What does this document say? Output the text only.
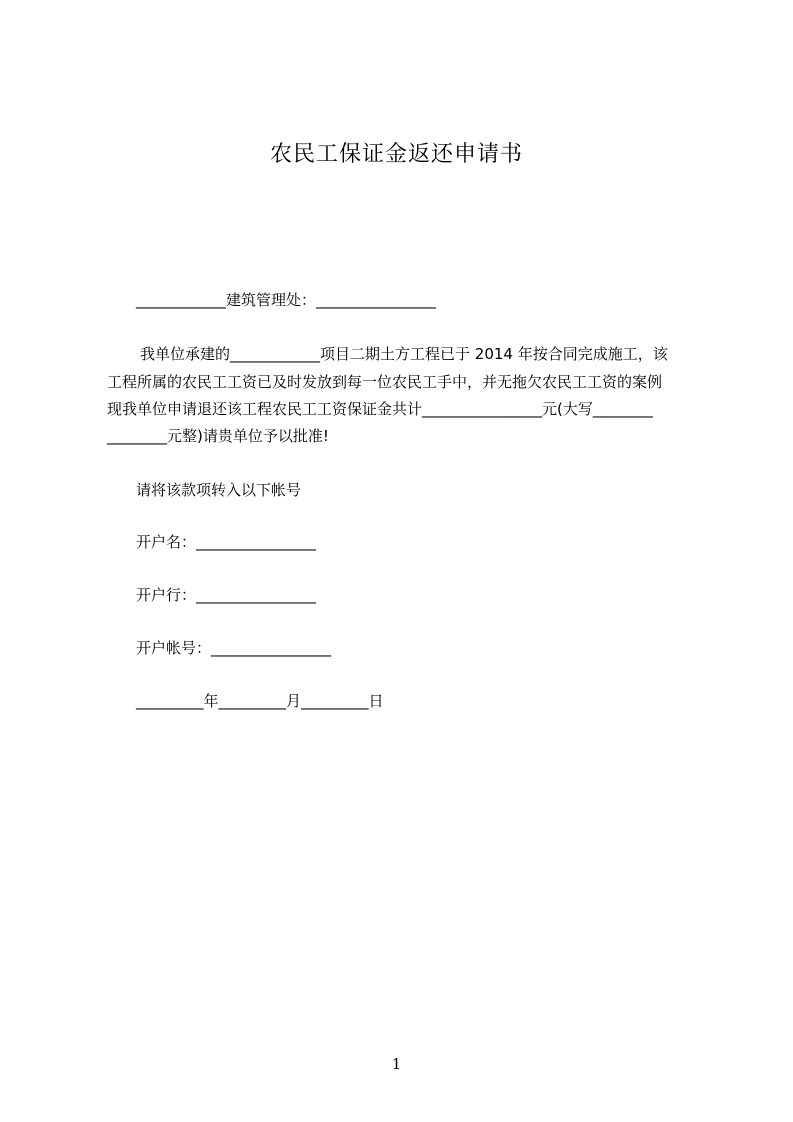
农民工保证金返还申请书
____________建筑管理处：________________
我单位承建的____________项目二期土方工程已于 2014 年按合同完成施工，该
工程所属的农民工工资已及时发放到每一位农民工手中，并无拖欠农民工工资的案例
现我单位申请退还该工程农民工工资保证金共计________________元(大写________
________元整)请贵单位予以批准!
请将该款项转入以下帐号
开户名：________________
开户行：________________
开户帐号：________________
_________年_________月_________日
1
